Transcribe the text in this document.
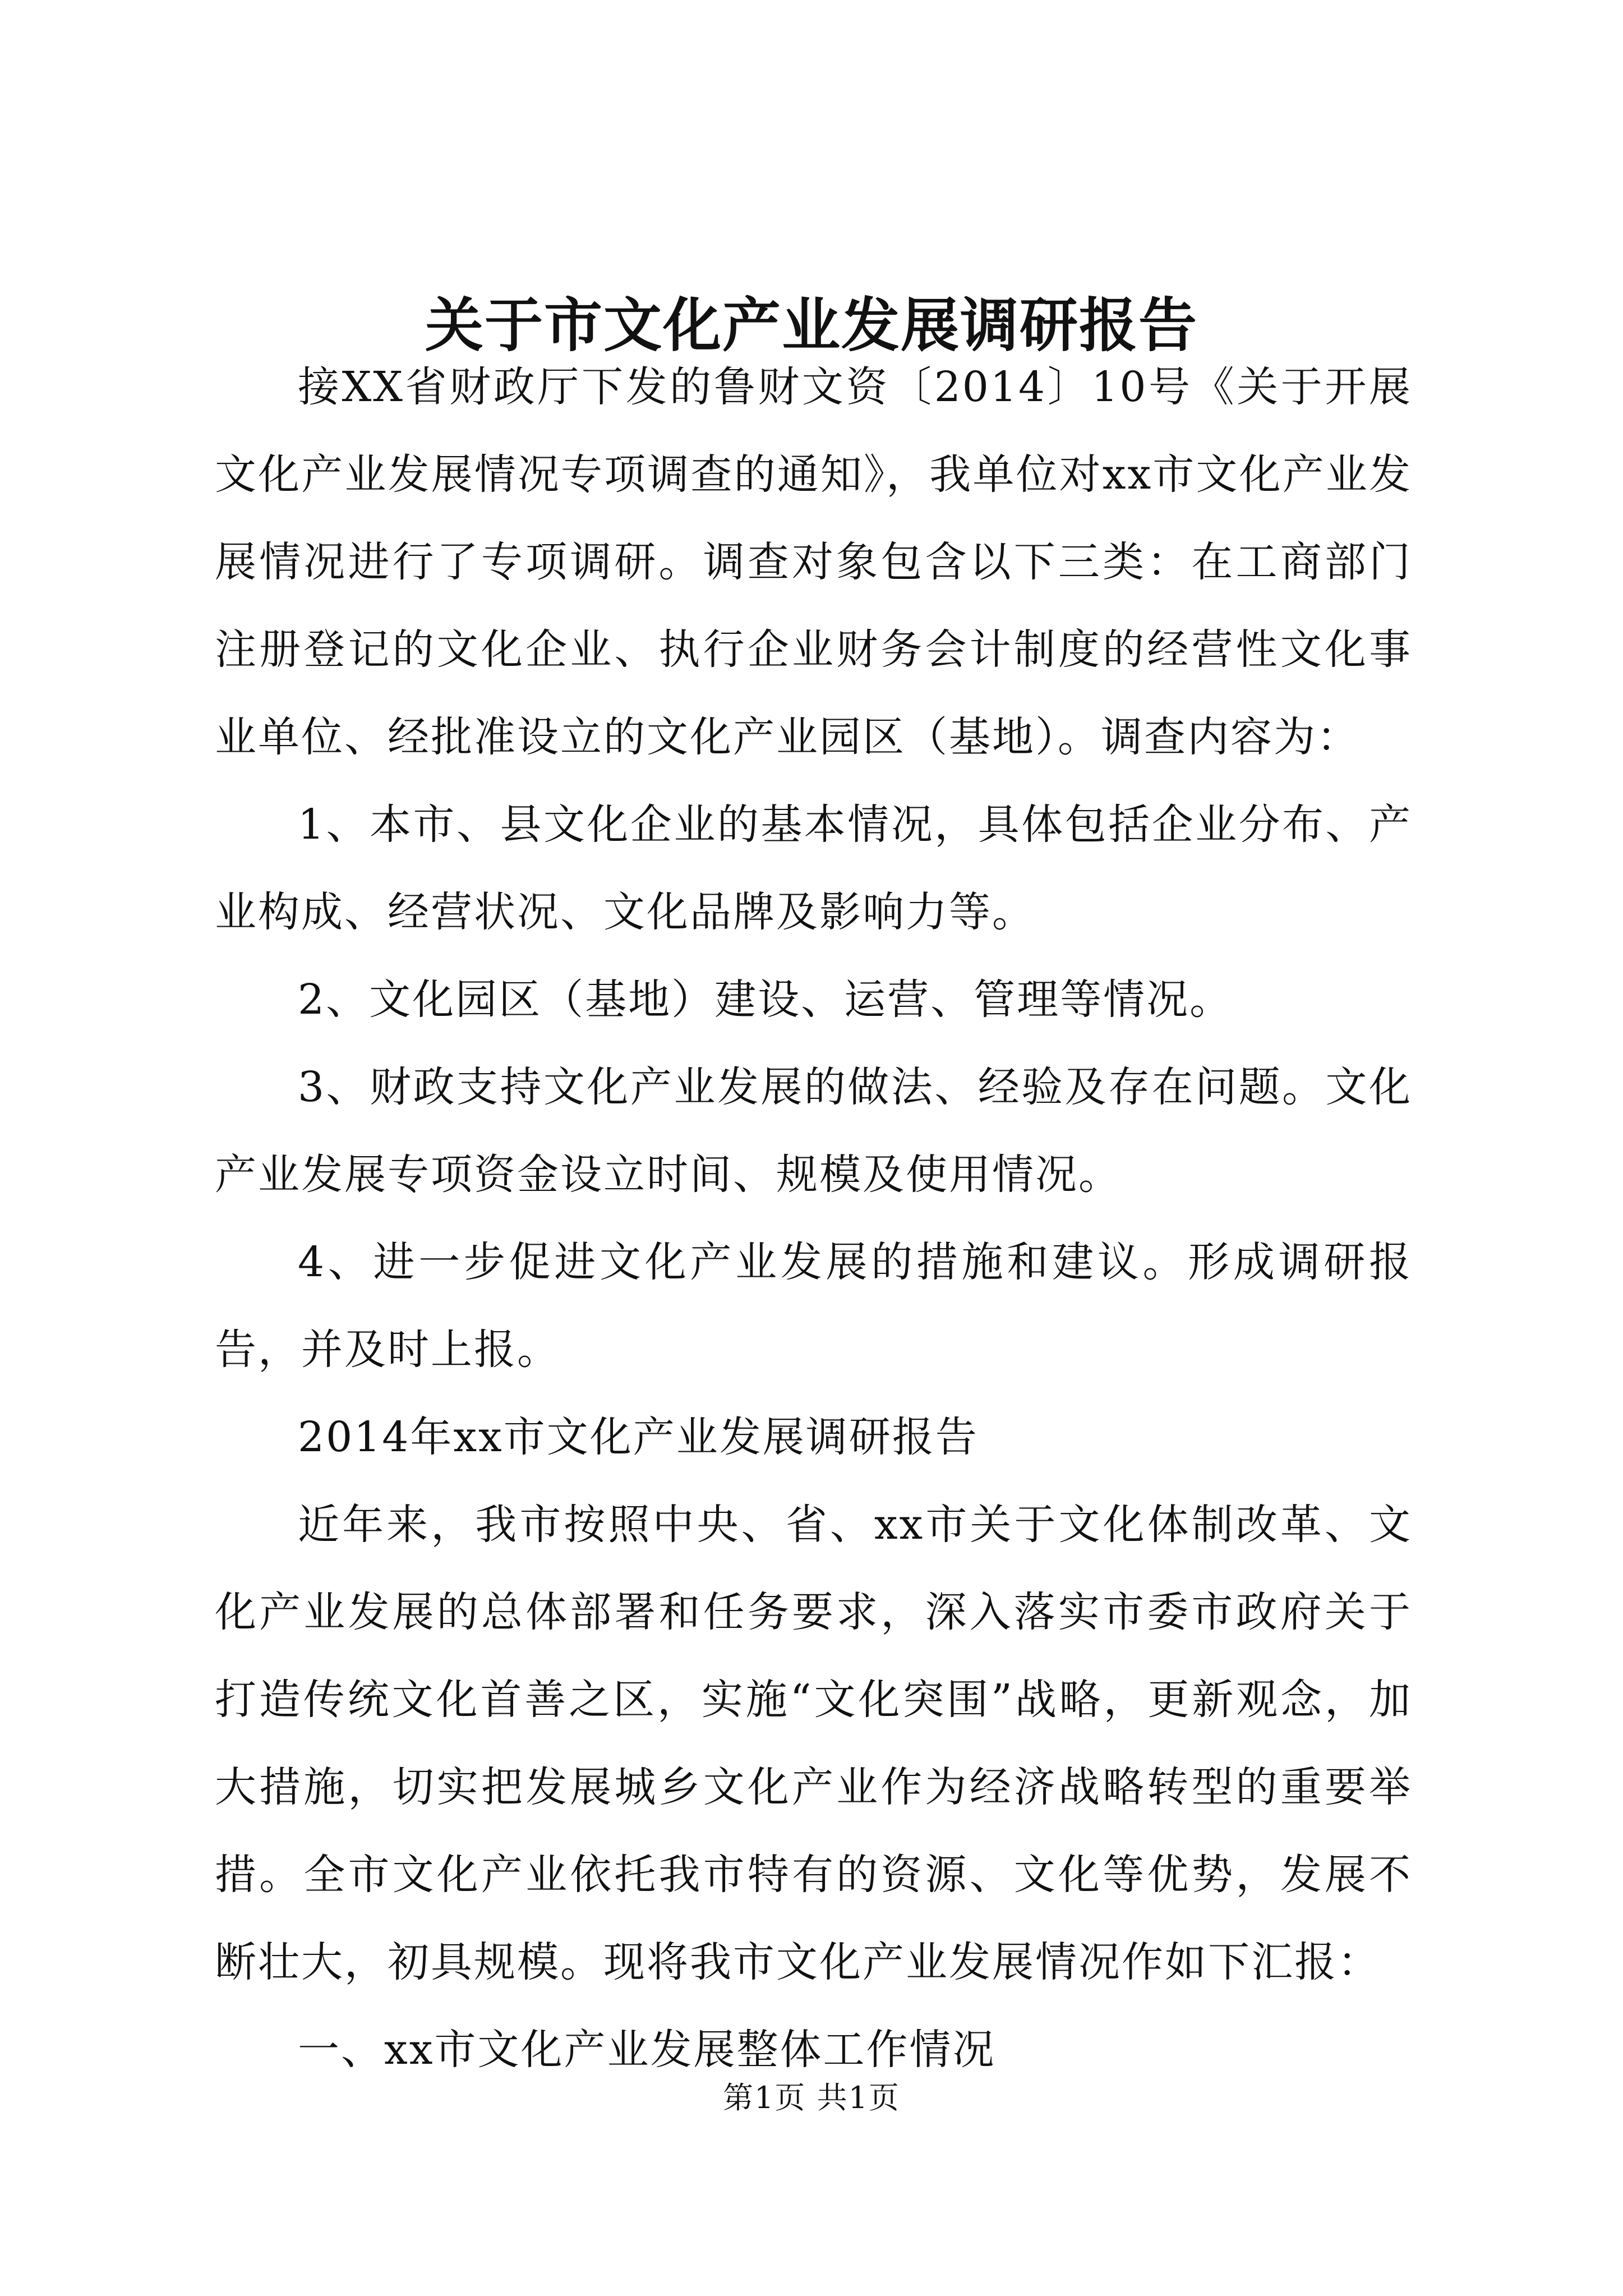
关于市文化产业发展调研报告

接XX省财政厅下发的鲁财文资〔2014〕10号《关于开展文化产业发展情况专项调查的通知》，我单位对xx市文化产业发展情况进行了专项调研。调查对象包含以下三类：在工商部门注册登记的文化企业、执行企业财务会计制度的经营性文化事业单位、经批准设立的文化产业园区（基地）。调查内容为：

1、本市、县文化企业的基本情况，具体包括企业分布、产业构成、经营状况、文化品牌及影响力等。

2、文化园区（基地）建设、运营、管理等情况。

3、财政支持文化产业发展的做法、经验及存在问题。文化产业发展专项资金设立时间、规模及使用情况。

4、进一步促进文化产业发展的措施和建议。形成调研报告，并及时上报。

2014年xx市文化产业发展调研报告

近年来，我市按照中央、省、xx市关于文化体制改革、文化产业发展的总体部署和任务要求，深入落实市委市政府关于打造传统文化首善之区，实施“文化突围”战略，更新观念，加大措施，切实把发展城乡文化产业作为经济战略转型的重要举措。全市文化产业依托我市特有的资源、文化等优势，发展不断壮大，初具规模。现将我市文化产业发展情况作如下汇报：

一、xx市文化产业发展整体工作情况

第1页 共1页
